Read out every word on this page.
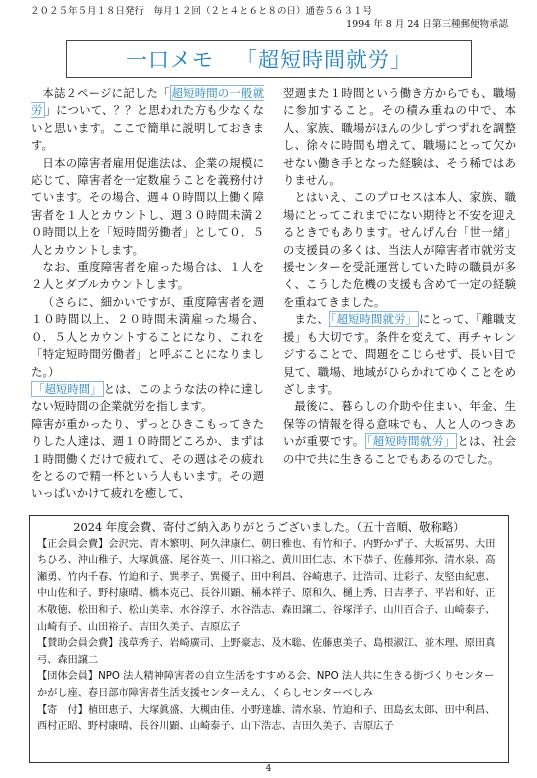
２０２５年５月１８日発行　毎月１２回（２と４と６と８の日）通巻５６３１号
1994 年 8 月 24 日第三種郵便物承認
一口メモ 「超短時間就労」

本誌２ページに記した「 超短時間の一般就労 」について、？？と思われた方も少なくないと思います。ここで簡単に説明しておきます。

日本の障害者雇用促進法は、企業の規模に応じて、障害者を一定数雇うことを義務付けています。その場合、週４０時間以上働く障害者を１人とカウントし、週３０時間未満２０時間以上を「短時間労働者」として０．５人とカウントします。

なお、重度障害者を雇った場合は、１人を２人とダブルカウントします。

（さらに、細かいですが、重度障害者を週１０時間以上、２０時間未満雇った場合、０．５人とカウントすることになり、これを「特定短時間労働者」と呼ぶことになりました。）

「超短時間」 とは、このような法の枠に達しない短時間の企業就労を指します。

障害が重かったり、ずっとひきこもってきたりした人達は、週１０時間どころか、まずは１時間働くだけで疲れて、その週はその疲れをとるので精一杯という人もいます。その週いっぱいかけて疲れを癒して、

翌週また１時間という働き方からでも、職場に参加すること。その積み重ねの中で、本人、家族、職場がほんの少しずつずれを調整し、徐々に時間も増えて、職場にとって欠かせない働き手となった経験は、そう稀ではありません。

とはいえ、このプロセスは本人、家族、職場にとってこれまでにない期待と不安を迎えるときでもあります。せんげん台「世一緒」の支援員の多くは、当法人が障害者市就労支援センターを受託運営していた時の職員が多く、こうした危機の支援も含めて一定の経験を重ねてきました。

また、 「超短時間就労」 にとって、「離職支援」も大切です。条件を変えて、再チャレンジすることで、問題をこじらせず、長い目で見て、職場、地域がひらかれてゆくことをめざします。

最後に、暮らしの介助や住まい、年金、生保等の情報を得る意味でも、人と人のつきあいが重要です。 「超短時間就労」 とは、社会の中で共に生きることでもあるのでした。

2024 年度会費、寄付ご納入ありがとうございました。（五十音順、敬称略）

【正会員会費】会沢完、青木繁明、阿久津康仁、朝日雅也、有竹和子、内野かず子、大坂冨男、大田ちひろ、沖山稚子、大塚眞盛、尾谷英一、川口裕之、黄川田仁志、木下恭子、佐藤邦弥、清水泉、高瀬勇、竹内千春、竹迫和子、巽孝子、巽優子、田中利昌、谷崎恵子、辻浩司、辻彩子、友堅由紀恵、中山佐和子、野村康晴、橋本克己、長谷川顕、桶本祥子、原和久、樋上秀、日吉孝子、平岩和好、正木敬徳、松田和子、松山美幸、水谷淳子、水谷浩志、森田譲二、谷塚洋子、山川百合子、山崎泰子、山崎有子、山田裕子、吉田久美子、吉原広子

【賛助会員会費】浅草秀子、岩崎廣司、上野豪志、及木聡、佐藤恵美子、島根淑江、並木理、原田真弓、森田譲二

【団体会員】NPO 法人精神障害者の自立生活をすすめる会、NPO 法人共に生きる街づくりセンターかがし座、春日部市障害者生活支援センターえん、くらしセンターべしみ

【寄　付】植田恵子、大塚眞盛、大槻由佳、小野達雄、清水泉、竹迫和子、田島玄太郎、田中利昌、西村正昭、野村康晴、長谷川顕、山崎泰子、山下浩志、吉田久美子、吉原広子

4
